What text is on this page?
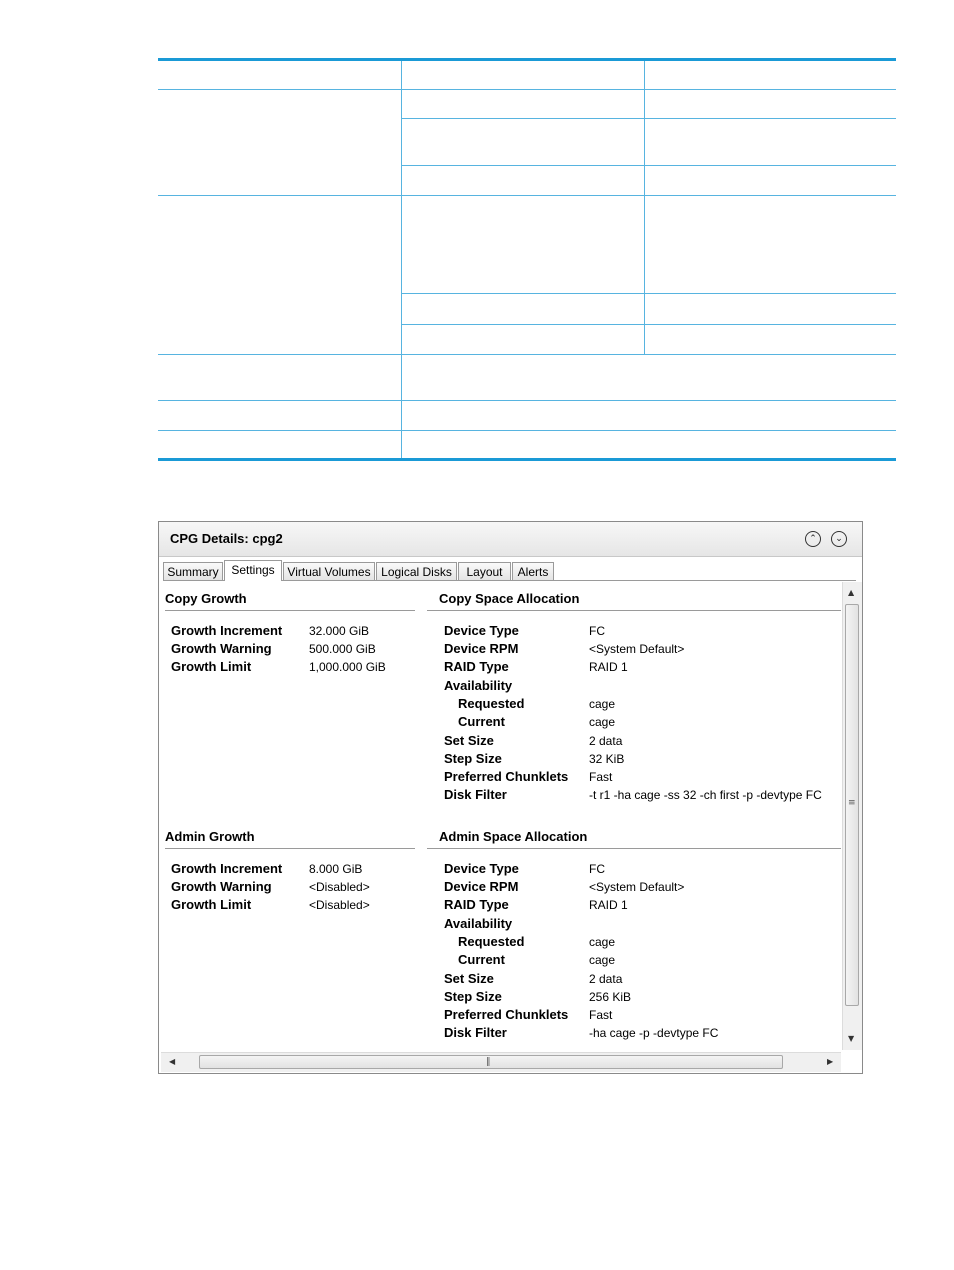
CPG Details: cpg2	⌃	⌄
Summary	Settings	Virtual Volumes Logical Disks	Layout	Alerts
Copy Growth
Growth Increment 32.000 GiB
Growth Warning	500.000 GiB
Growth Limit	1,000.000 GiB
Copy Space Allocation
Device Type	FC
Device RPM	<System Default>
RAID Type	RAID 1
Availability
Requested	cage
Current	cage
Set Size	2 data
Step Size	32 KiB
Preferred Chunklets Fast
Disk Filter	-t r1 -ha cage -ss 32 -ch first -p -devtype FC
Admin Growth
Growth Increment 8.000 GiB
Growth Warning	<Disabled>
Growth Limit	<Disabled>
Admin Space Allocation
Device Type	FC
Device RPM	<System Default>
RAID Type	RAID 1
Availability
Requested	cage
Current	cage
Set Size	2 data
Step Size	256 KiB
Preferred Chunklets Fast
Disk Filter	-ha cage -p -devtype FC
▲
≡
▼
◀	‖	▶
